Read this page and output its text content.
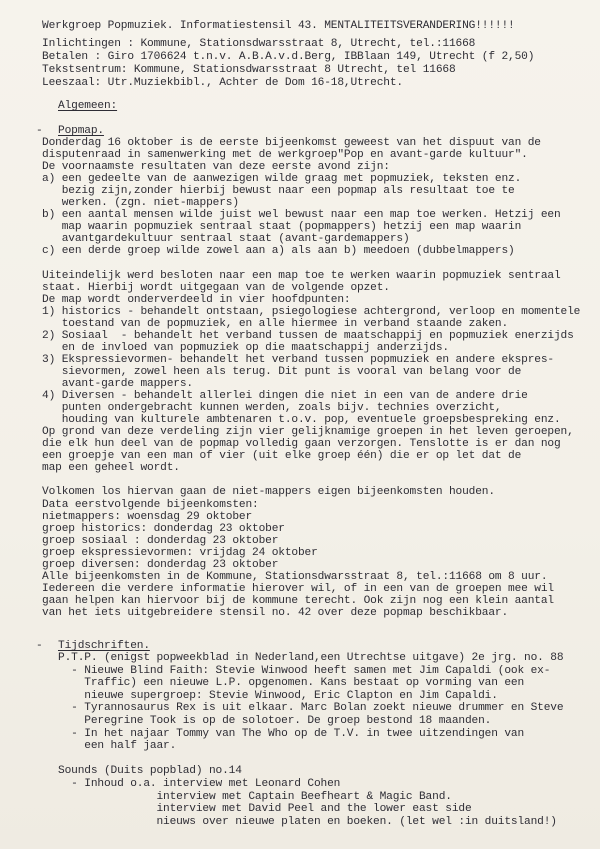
Werkgroep Popmuziek. Informatiestensil 43. MENTALITEITSVERANDERING!!!!!!
Inlichtingen : Kommune, Stationsdwarsstraat 8, Utrecht, tel.:11668
Betalen : Giro 1706624 t.n.v. A.B.A.v.d.Berg, IBBlaan 149, Utrecht (f 2,50)
Tekstsentrum: Kommune, Stationsdwarsstraat 8 Utrecht, tel 11668
Leeszaal: Utr.Muziekbibl., Achter de Dom 16-18,Utrecht.
Algemeen:
- Popmap.
Donderdag 16 oktober is de eerste bijeenkomst geweest van het dispuut van de
disputenraad in samenwerking met de werkgroep"Pop en avant-garde kultuur".
De voornaamste resultaten van deze eerste avond zijn:
a) een gedeelte van de aanwezigen wilde graag met popmuziek, teksten enz.
bezig zijn,zonder hierbij bewust naar een popmap als resultaat toe te
werken. (zgn. niet-mappers)
b) een aantal mensen wilde juist wel bewust naar een map toe werken. Hetzij een
map waarin popmuziek sentraal staat (popmappers) hetzij een map waarin
avantgardekultuur sentraal staat (avant-gardemappers)
c) een derde groep wilde zowel aan a) als aan b) meedoen (dubbelmappers)
Uiteindelijk werd besloten naar een map toe te werken waarin popmuziek sentraal
staat. Hierbij wordt uitgegaan van de volgende opzet.
De map wordt onderverdeeld in vier hoofdpunten:
1) historics - behandelt ontstaan, psiegologiese achtergrond, verloop en momentele
toestand van de popmuziek, en alle hiermee in verband staande zaken.
2) Sosiaal  - behandelt het verband tussen de maatschappij en popmuziek enerzijds
en de invloed van popmuziek op die maatschappij anderzijds.
3) Ekspressievormen- behandelt het verband tussen popmuziek en andere ekspres-
sievormen, zowel heen als terug. Dit punt is vooral van belang voor de
avant-garde mappers.
4) Diversen - behandelt allerlei dingen die niet in een van de andere drie
punten ondergebracht kunnen werden, zoals bijv. technies overzicht,
houding van kulturele ambtenaren t.o.v. pop, eventuele groepsbespreking enz.
Op grond van deze verdeling zijn vier gelijknamige groepen in het leven geroepen,
die elk hun deel van de popmap volledig gaan verzorgen. Tenslotte is er dan nog
een groepje van een man of vier (uit elke groep één) die er op let dat de
map een geheel wordt.
Volkomen los hiervan gaan de niet-mappers eigen bijeenkomsten houden.
Data eerstvolgende bijeenkomsten:
nietmappers: woensdag 29 oktober
groep historics: donderdag 23 oktober
groep sosiaal : donderdag 23 oktober
groep ekspressievormen: vrijdag 24 oktober
groep diversen: donderdag 23 oktober
Alle bijeenkomsten in de Kommune, Stationsdwarsstraat 8, tel.:11668 om 8 uur.
Iedereen die verdere informatie hierover wil, of in een van de groepen mee wil
gaan helpen kan hiervoor bij de kommune terecht. Ook zijn nog een klein aantal
van het iets uitgebreidere stensil no. 42 over deze popmap beschikbaar.
- Tijdschriften.
P.T.P. (enigst popweekblad in Nederland,een Utrechtse uitgave) 2e jrg. no. 88
- Nieuwe Blind Faith: Stevie Winwood heeft samen met Jim Capaldi (ook ex-
Traffic) een nieuwe L.P. opgenomen. Kans bestaat op vorming van een
nieuwe supergroep: Stevie Winwood, Eric Clapton en Jim Capaldi.
- Tyrannosaurus Rex is uit elkaar. Marc Bolan zoekt nieuwe drummer en Steve
Peregrine Took is op de solotoer. De groep bestond 18 maanden.
- In het najaar Tommy van The Who op de T.V. in twee uitzendingen van
een half jaar.
Sounds (Duits popblad) no.14
- Inhoud o.a. interview met Leonard Cohen
interview met Captain Beefheart & Magic Band.
interview met David Peel and the lower east side
nieuws over nieuwe platen en boeken. (let wel :in duitsland!)
